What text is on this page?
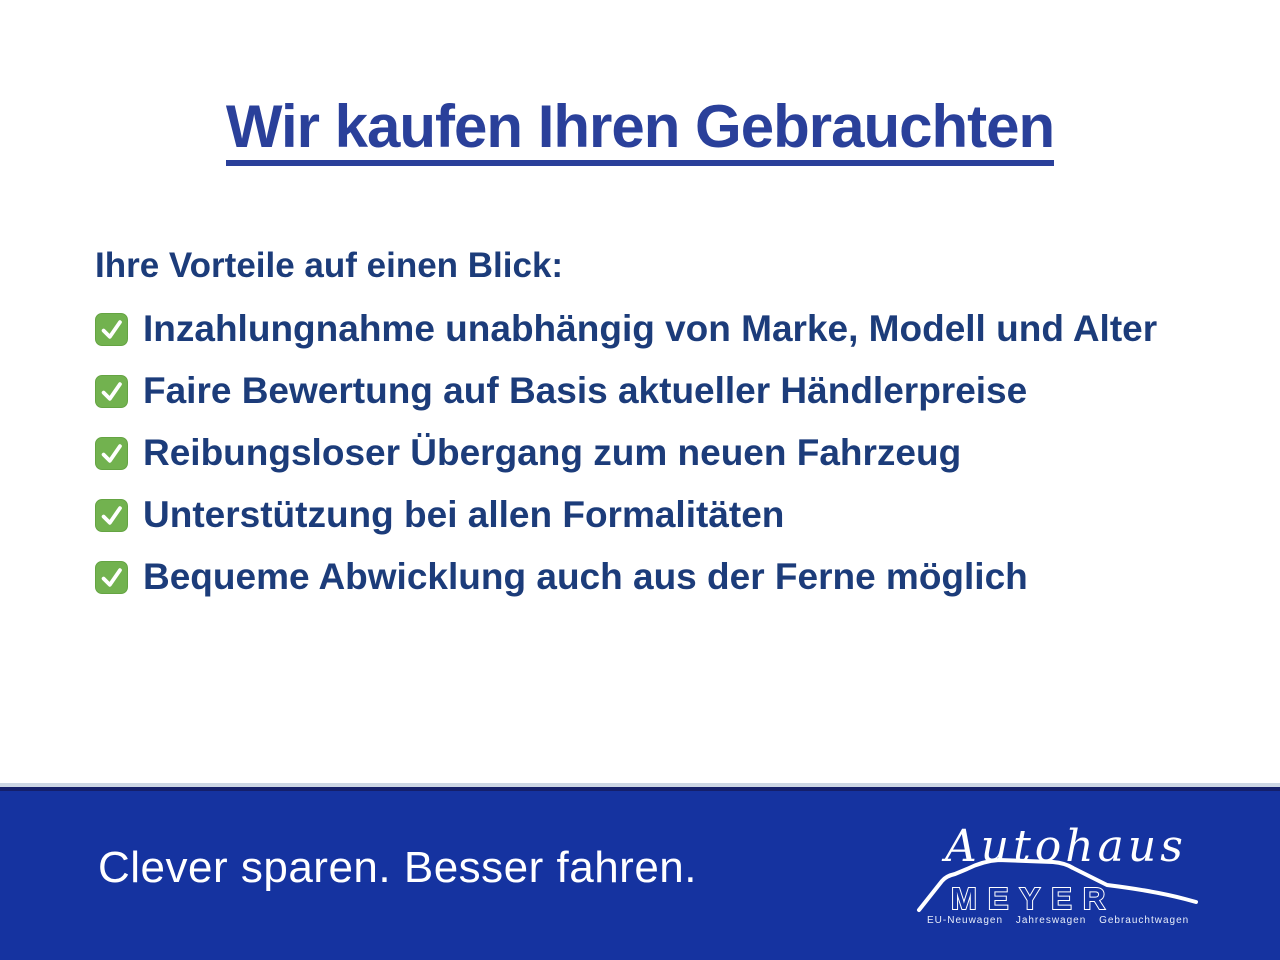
Wir kaufen Ihren Gebrauchten
Ihre Vorteile auf einen Blick:
Inzahlungnahme unabhängig von Marke, Modell und Alter
Faire Bewertung auf Basis aktueller Händlerpreise
Reibungsloser Übergang zum neuen Fahrzeug
Unterstützung bei allen Formalitäten
Bequeme Abwicklung auch aus der Ferne möglich
Clever sparen. Besser fahren.	Autohaus
MEYER
EU-Neuwagen Jahreswagen Gebrauchtwagen
